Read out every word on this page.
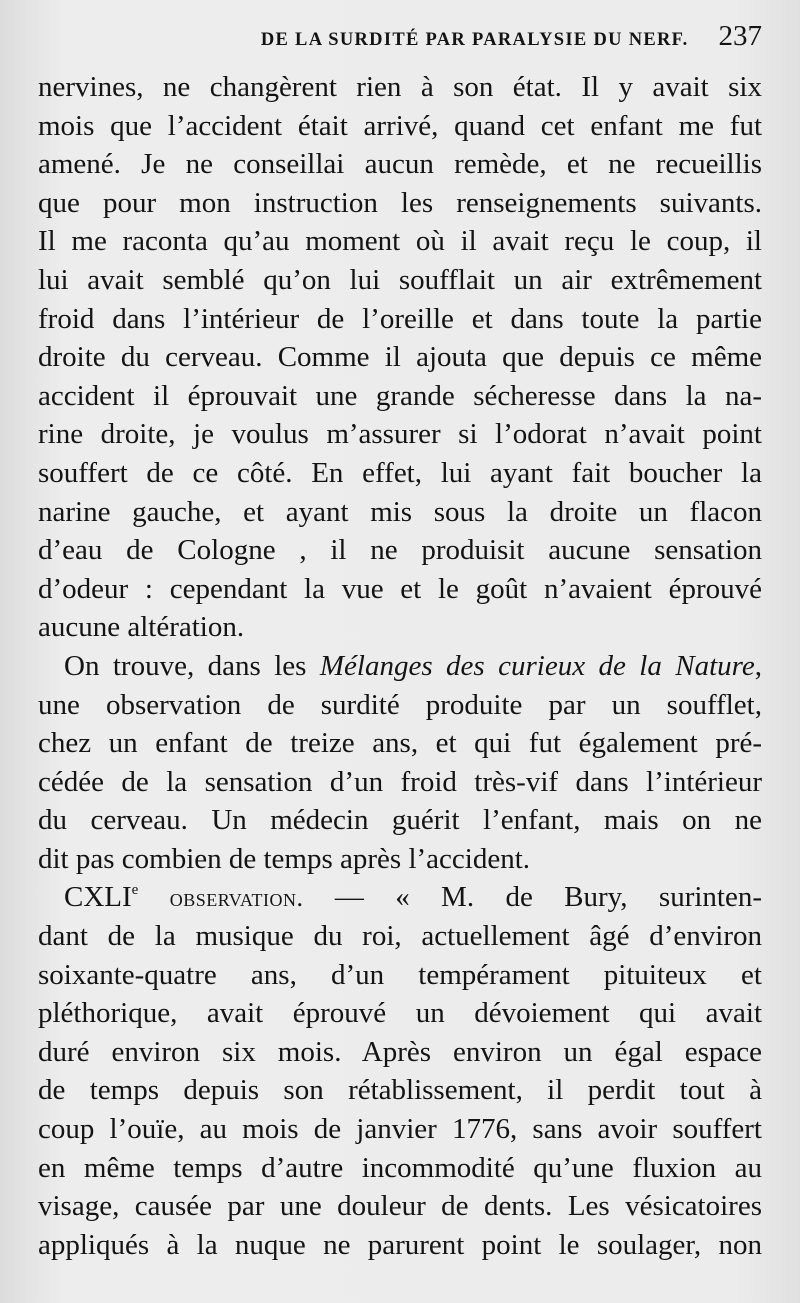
DE LA SURDITÉ PAR PARALYSIE DU NERF. 237
nervines, ne changèrent rien à son état. Il y avait six
mois que l’accident était arrivé, quand cet enfant me fut
amené. Je ne conseillai aucun remède, et ne recueillis
que pour mon instruction les renseignements suivants.
Il me raconta qu’au moment où il avait reçu le coup, il
lui avait semblé qu’on lui soufflait un air extrêmement
froid dans l’intérieur de l’oreille et dans toute la partie
droite du cerveau. Comme il ajouta que depuis ce même
accident il éprouvait une grande sécheresse dans la na-
rine droite, je voulus m’assurer si l’odorat n’avait point
souffert de ce côté. En effet, lui ayant fait boucher la
narine gauche, et ayant mis sous la droite un flacon
d’eau de Cologne , il ne produisit aucune sensation
d’odeur : cependant la vue et le goût n’avaient éprouvé
aucune altération.
On trouve, dans les Mélanges des curieux de la Nature,
une observation de surdité produite par un soufflet,
chez un enfant de treize ans, et qui fut également pré-
cédée de la sensation d’un froid très-vif dans l’intérieur
du cerveau. Un médecin guérit l’enfant, mais on ne
dit pas combien de temps après l’accident.
CXLIe observation. — « M. de Bury, surinten-
dant de la musique du roi, actuellement âgé d’environ
soixante-quatre ans, d’un tempérament pituiteux et
pléthorique, avait éprouvé un dévoiement qui avait
duré environ six mois. Après environ un égal espace
de temps depuis son rétablissement, il perdit tout à
coup l’ouïe, au mois de janvier 1776, sans avoir souffert
en même temps d’autre incommodité qu’une fluxion au
visage, causée par une douleur de dents. Les vésicatoires
appliqués à la nuque ne parurent point le soulager, non
